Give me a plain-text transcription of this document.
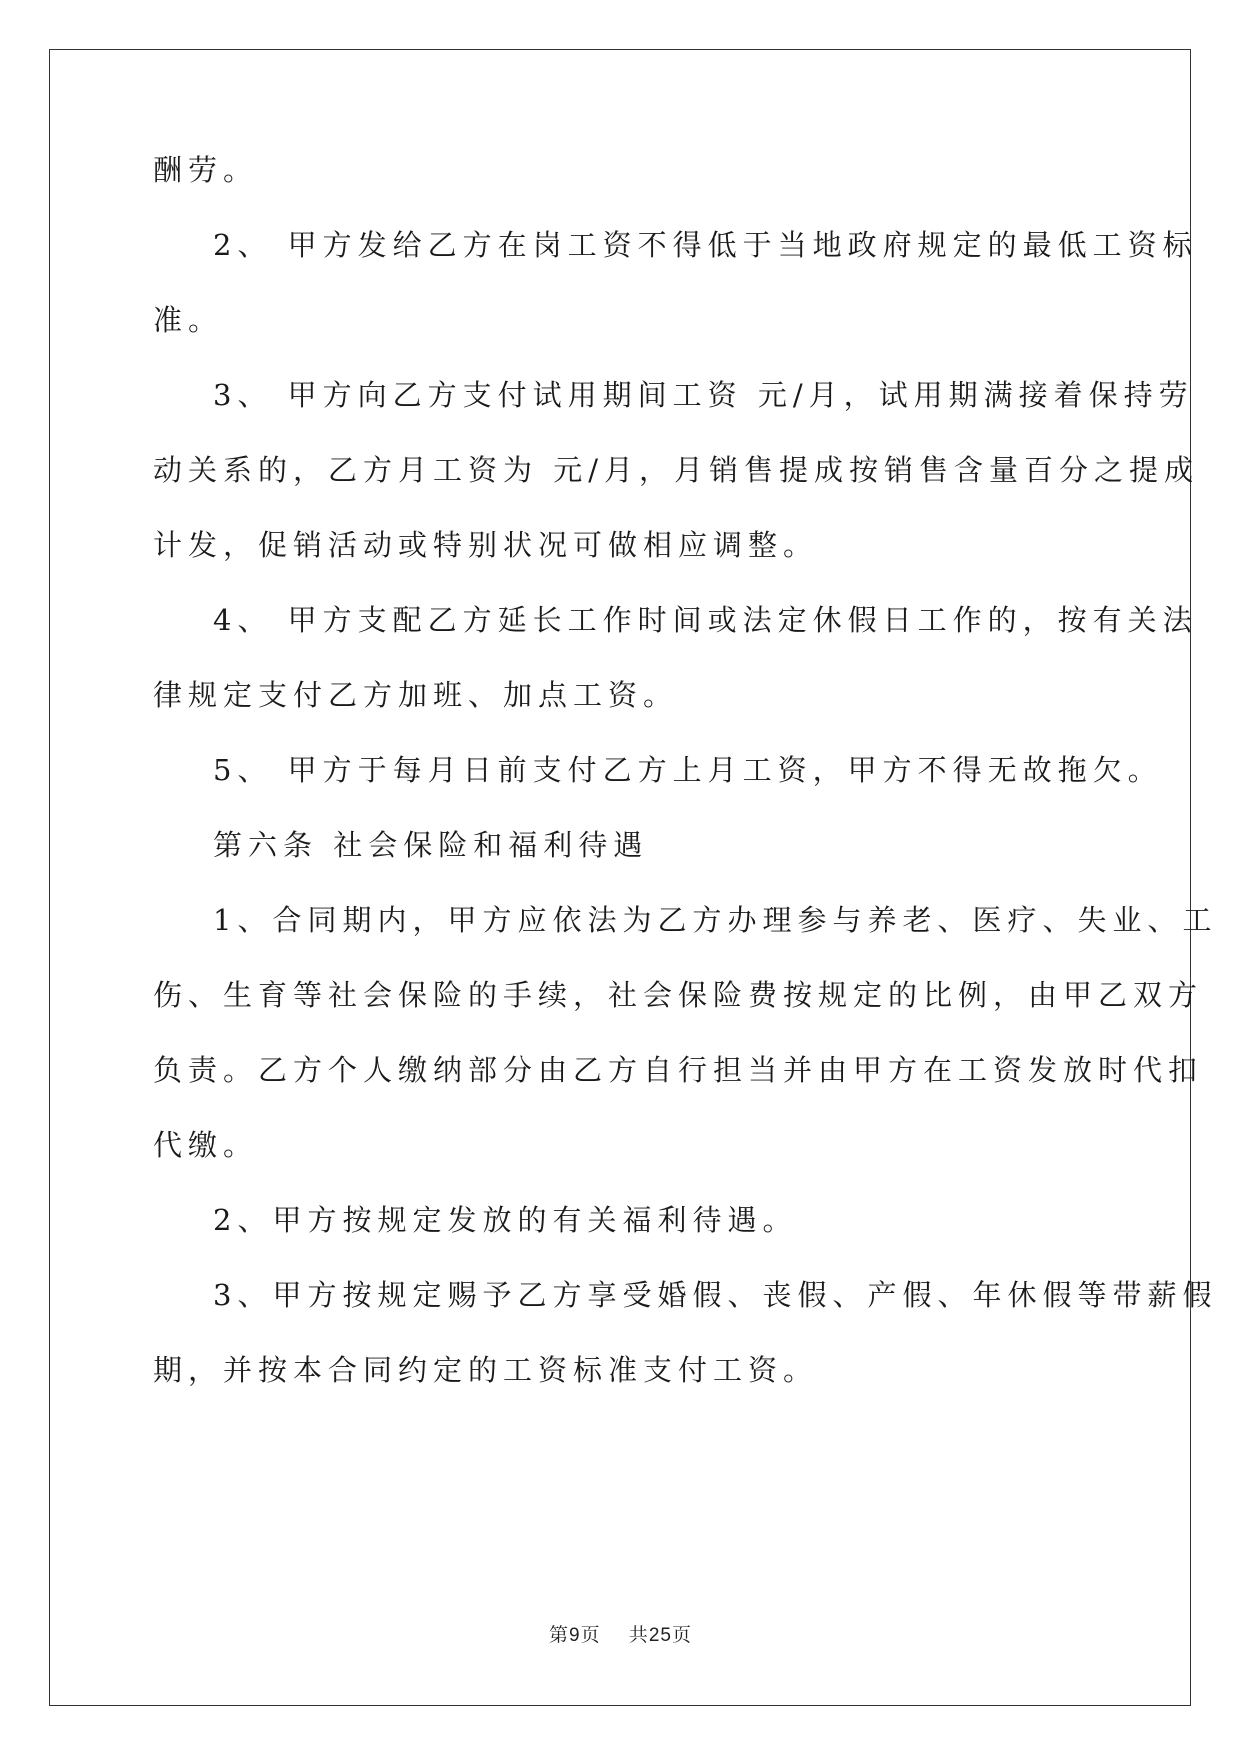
酬劳。
2、 甲方发给乙方在岗工资不得低于当地政府规定的最低工资标
准。
3、 甲方向乙方支付试用期间工资 元/月，试用期满接着保持劳
动关系的，乙方月工资为 元/月，月销售提成按销售含量百分之提成
计发，促销活动或特别状况可做相应调整。
4、 甲方支配乙方延长工作时间或法定休假日工作的，按有关法
律规定支付乙方加班、加点工资。
5、 甲方于每月日前支付乙方上月工资，甲方不得无故拖欠。
第六条 社会保险和福利待遇
1、合同期内，甲方应依法为乙方办理参与养老、医疗、失业、工
伤、生育等社会保险的手续，社会保险费按规定的比例，由甲乙双方
负责。乙方个人缴纳部分由乙方自行担当并由甲方在工资发放时代扣
代缴。
2、甲方按规定发放的有关福利待遇。
3、甲方按规定赐予乙方享受婚假、丧假、产假、年休假等带薪假
期，并按本合同约定的工资标准支付工资。
第9页 共25页
